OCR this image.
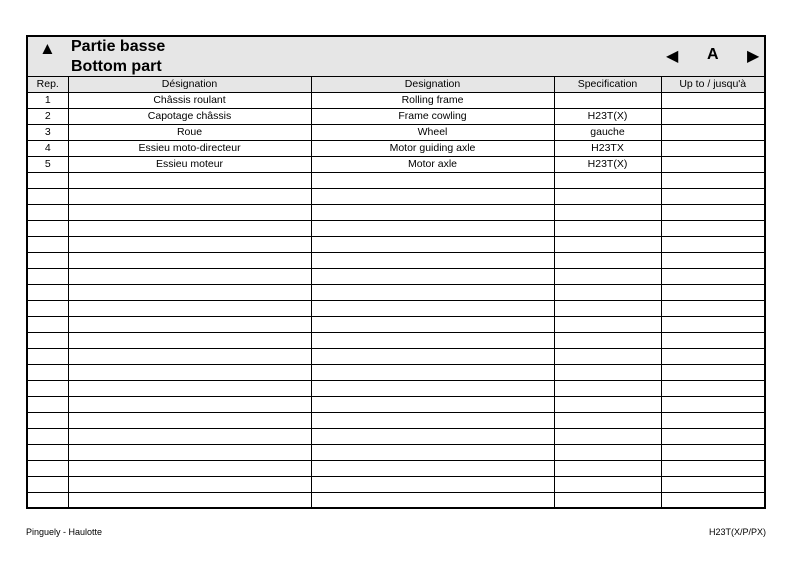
▲ Partie basse
Bottom part
◀ A ▶
Rep.	Désignation	Designation	Specification	Up to / jusqu'à
1	Châssis roulant	Rolling frame		
2	Capotage châssis	Frame cowling	H23T(X)	
3	Roue	Wheel	gauche	
4	Essieu moto-directeur	Motor guiding axle	H23TX	
5	Essieu moteur	Motor axle	H23T(X)	

Pinguely - Haulotte	H23T(X/P/PX)
